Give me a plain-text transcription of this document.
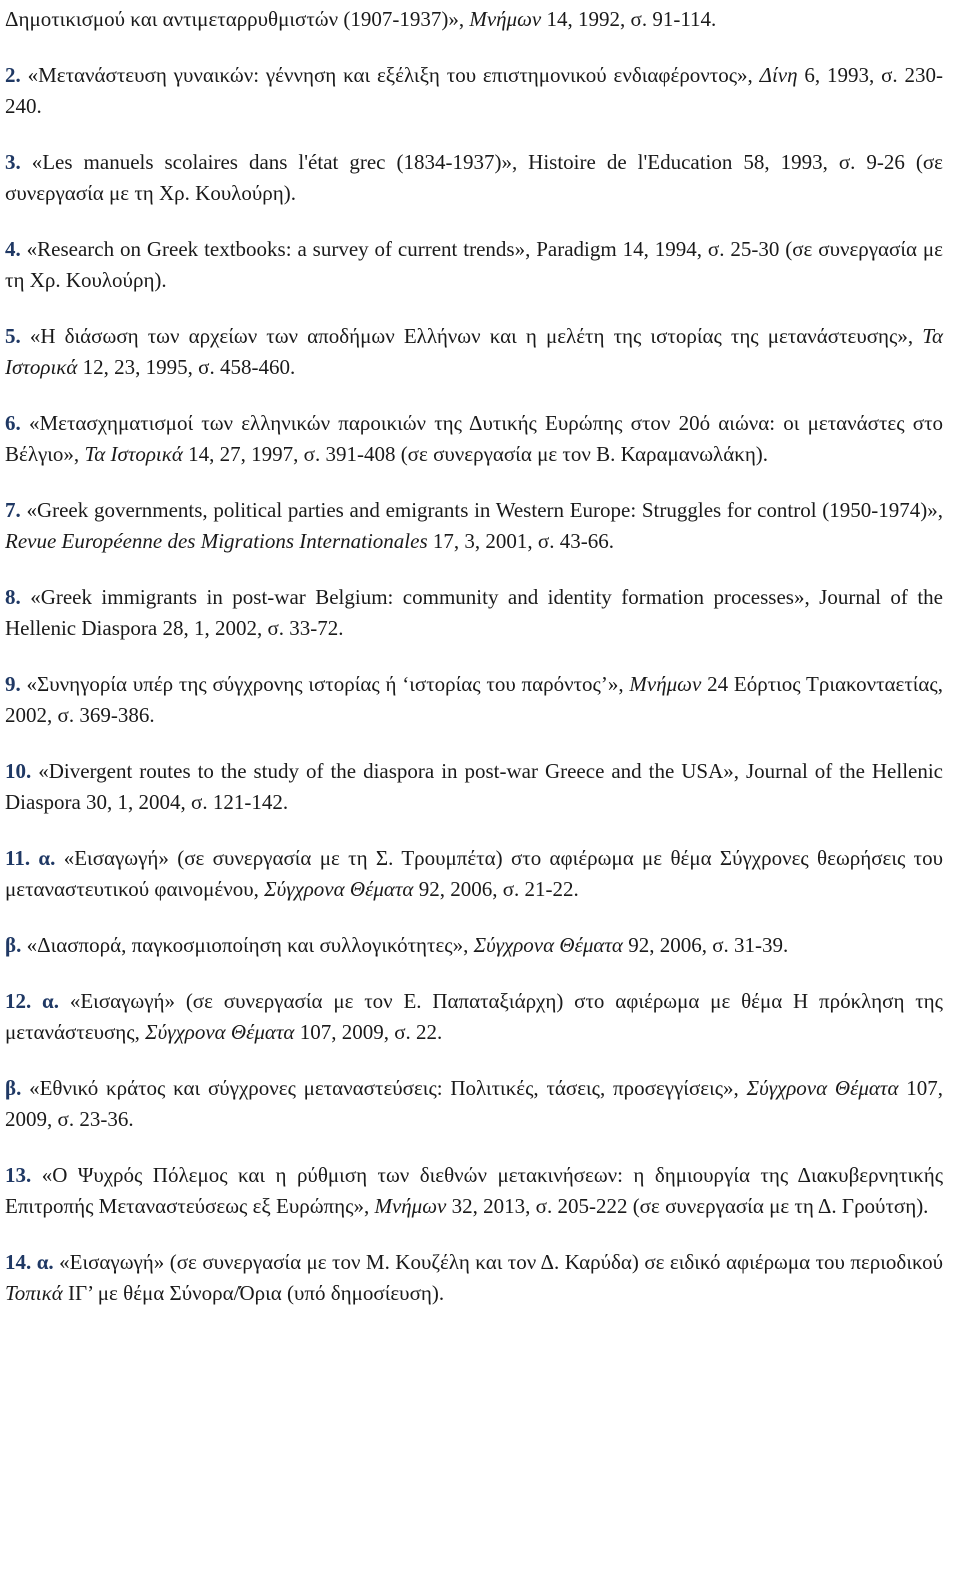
Δημοτικισμού και αντιμεταρρυθμιστών (1907-1937)», Μνήμων 14, 1992, σ. 91-114.

2. «Μετανάστευση γυναικών: γέννηση και εξέλιξη του επιστημονικού ενδιαφέροντος», Δίνη 6, 1993, σ. 230-240.

3. «Les manuels scolaires dans l'état grec (1834-1937)», Histoire de l'Education 58, 1993, σ. 9-26 (σε συνεργασία με τη Χρ. Κουλούρη).

4. «Research on Greek textbooks: a survey of current trends», Paradigm 14, 1994, σ. 25-30 (σε συνεργασία με τη Χρ. Κουλούρη).

5. «Η διάσωση των αρχείων των αποδήμων Ελλήνων και η μελέτη της ιστορίας της μετανάστευσης», Τα Ιστορικά 12, 23, 1995, σ. 458-460.

6. «Μετασχηματισμοί των ελληνικών παροικιών της Δυτικής Ευρώπης στον 20ό αιώνα: οι μετανάστες στο Βέλγιο», Τα Ιστορικά 14, 27, 1997, σ. 391-408 (σε συνεργασία με τον Β. Καραμανωλάκη).

7. «Greek governments, political parties and emigrants in Western Europe: Struggles for control (1950-1974)», Revue Européenne des Migrations Internationales 17, 3, 2001, σ. 43-66.

8. «Greek immigrants in post-war Belgium: community and identity formation processes», Journal of the Hellenic Diaspora 28, 1, 2002, σ. 33-72.

9. «Συνηγορία υπέρ της σύγχρονης ιστορίας ή ‘ιστορίας του παρόντος’», Μνήμων 24 Εόρτιος Τριακονταετίας, 2002, σ. 369-386.

10. «Divergent routes to the study of the diaspora in post-war Greece and the USA», Journal of the Hellenic Diaspora 30, 1, 2004, σ. 121-142.

11. α. «Εισαγωγή» (σε συνεργασία με τη Σ. Τρουμπέτα) στο αφιέρωμα με θέμα Σύγχρονες θεωρήσεις του μεταναστευτικού φαινομένου, Σύγχρονα Θέματα 92, 2006, σ. 21-22.

β. «Διασπορά, παγκοσμιοποίηση και συλλογικότητες», Σύγχρονα Θέματα 92, 2006, σ. 31-39.

12. α. «Εισαγωγή» (σε συνεργασία με τον Ε. Παπαταξιάρχη) στο αφιέρωμα με θέμα Η πρόκληση της μετανάστευσης, Σύγχρονα Θέματα 107, 2009, σ. 22.

β. «Εθνικό κράτος και σύγχρονες μεταναστεύσεις: Πολιτικές, τάσεις, προσεγγίσεις», Σύγχρονα Θέματα 107, 2009, σ. 23-36.

13. «Ο Ψυχρός Πόλεμος και η ρύθμιση των διεθνών μετακινήσεων: η δημιουργία της Διακυβερνητικής Επιτροπής Μεταναστεύσεως εξ Ευρώπης», Μνήμων 32, 2013, σ. 205-222 (σε συνεργασία με τη Δ. Γρούτση).

14. α. «Εισαγωγή» (σε συνεργασία με τον Μ. Κουζέλη και τον Δ. Καρύδα) σε ειδικό αφιέρωμα του περιοδικού Τοπικά ΙΓ’ με θέμα Σύνορα/Όρια (υπό δημοσίευση).
